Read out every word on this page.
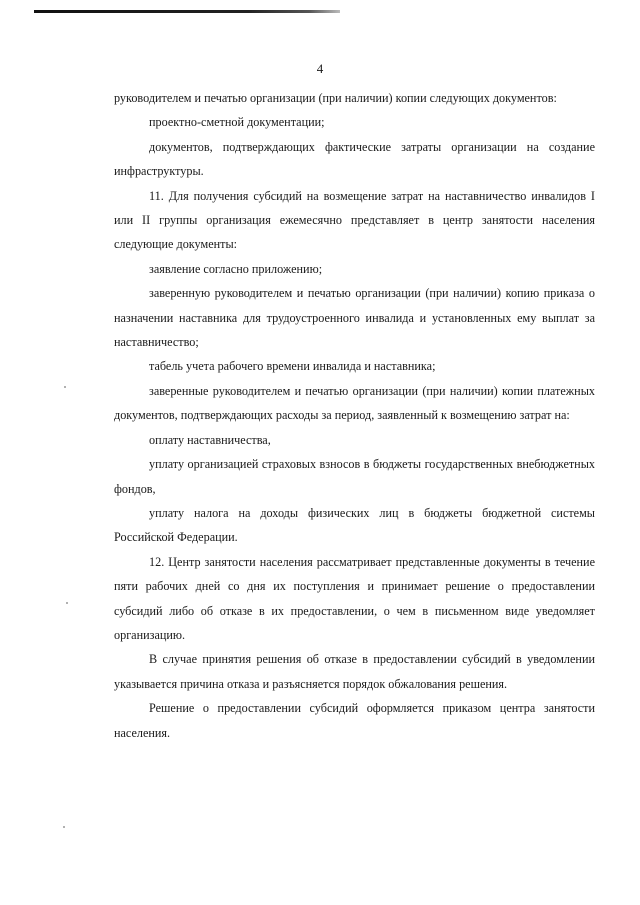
4

руководителем и печатью организации (при наличии) копии следующих документов:

проектно-сметной документации;

документов, подтверждающих фактические затраты организации на создание инфраструктуры.

11. Для получения субсидий на возмещение затрат на наставничество инвалидов I или II группы организация ежемесячно представляет в центр занятости населения следующие документы:

заявление согласно приложению;

заверенную руководителем и печатью организации (при наличии) копию приказа о назначении наставника для трудоустроенного инвалида и установленных ему выплат за наставничество;

табель учета рабочего времени инвалида и наставника;

заверенные руководителем и печатью организации (при наличии) копии платежных документов, подтверждающих расходы за период, заявленный к возмещению затрат на:

оплату наставничества,

уплату организацией страховых взносов в бюджеты государственных внебюджетных фондов,

уплату налога на доходы физических лиц в бюджеты бюджетной системы Российской Федерации.

12. Центр занятости населения рассматривает представленные документы в течение пяти рабочих дней со дня их поступления и принимает решение о предоставлении субсидий либо об отказе в их предоставлении, о чем в письменном виде уведомляет организацию.

В случае принятия решения об отказе в предоставлении субсидий в уведомлении указывается причина отказа и разъясняется порядок обжалования решения.

Решение о предоставлении субсидий оформляется приказом центра занятости населения.
